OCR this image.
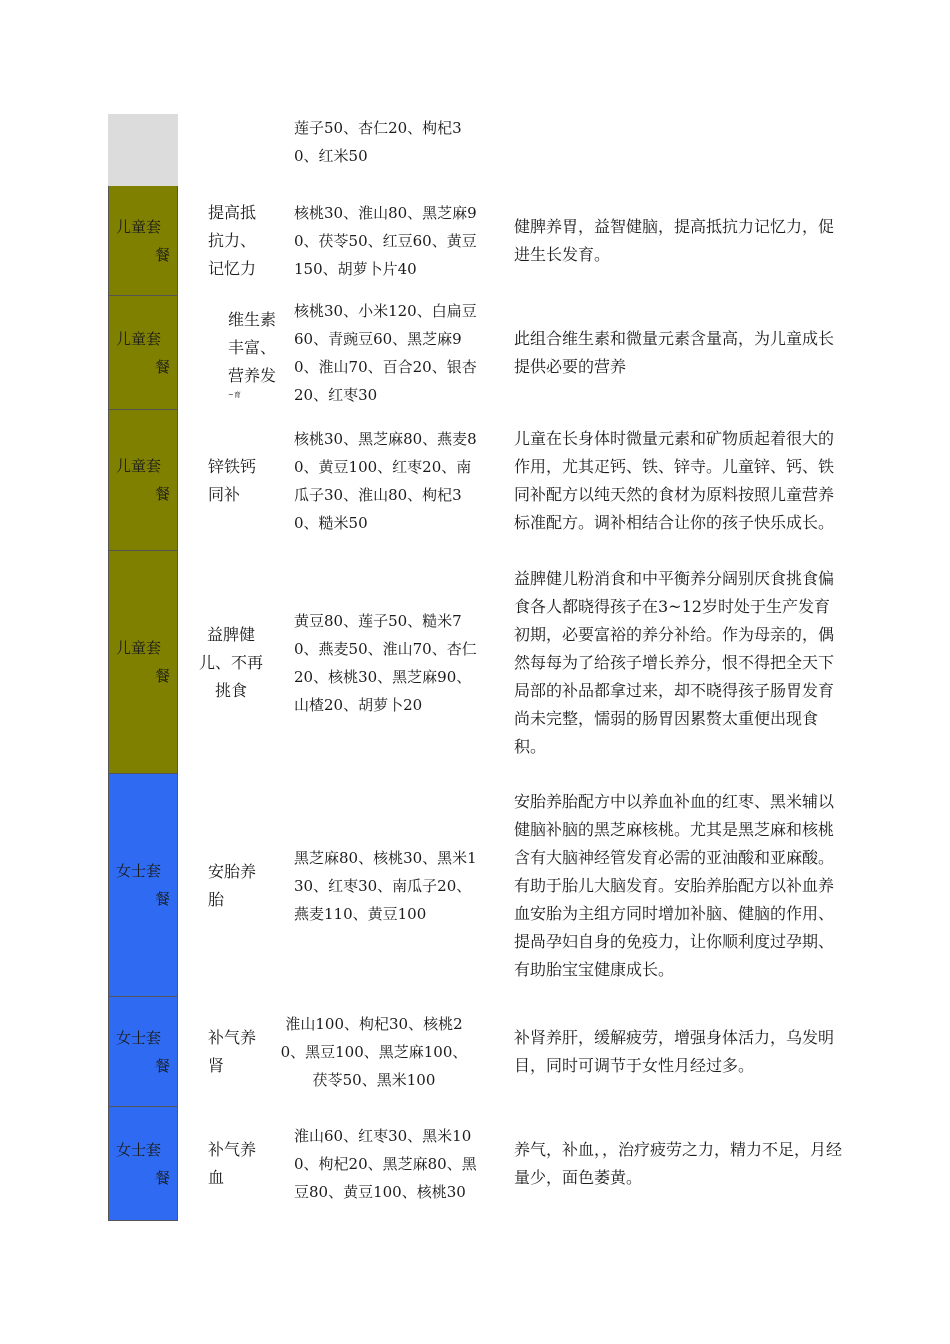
莲子50、杏仁20、枸杞30、红米50
儿童套
餐
提高抵抗力、记忆力
核桃30、淮山80、黑芝麻90、茯苓50、红豆60、黄豆150、胡萝卜片40
健脾养胃，益智健脑，提高抵抗力记忆力，促进生长发育。
儿童套
餐
维生素丰富、营养发
~育
核桃30、小米120、白扁豆60、青豌豆60、黑芝麻90、淮山70、百合20、银杏20、红枣30
此组合维生素和微量元素含量高，为儿童成长提供必要的营养
儿童套
餐
锌铁钙同补
核桃30、黑芝麻80、燕麦80、黄豆100、红枣20、南瓜子30、淮山80、枸杞30、糙米50
儿童在长身体时微量元素和矿物质起着很大的作用，尤其疋钙、铁、锌寺。儿童锌、钙、铁同补配方以纯天然的食材为原料按照儿童营养标准配方。调补相结合让你的孩子快乐成长。
儿童套
餐
益脾健儿、不再挑食
黄豆80、莲子50、糙米70、燕麦50、淮山70、杏仁20、核桃30、黑芝麻90、山楂20、胡萝卜20
益脾健儿粉消食和中平衡养分阔别厌食挑食偏食各人都晓得孩子在3~12岁时处于生产发育初期，必要富裕的养分补给。作为母亲的，偶然每每为了给孩子增长养分，恨不得把全天下局部的补品都拿过来，却不晓得孩子肠胃发育尚未完整，懦弱的肠胃因累赘太重便出现食积。
女士套
餐
安胎养胎
黑芝麻80、核桃30、黑米130、红枣30、南瓜子20、燕麦110、黄豆100
安胎养胎配方中以养血补血的红枣、黑米辅以健脑补脑的黑芝麻核桃。尤其是黑芝麻和核桃含有大脑神经管发育必需的亚油酸和亚麻酸。有助于胎儿大脑发育。安胎养胎配方以补血养血安胎为主组方同时增加补脑、健脑的作用、提咼孕妇自身的免疫力，让你顺利度过孕期、有助胎宝宝健康成长。
女士套
餐
补气养肾
淮山100、枸杞30、核桃20、黑豆100、黑芝麻100、茯苓50、黑米100
补肾养肝，缓解疲劳，增强身体活力，乌发明目，同时可调节于女性月经过多。
女士套
餐
补气养血
淮山60、红枣30、黑米100、枸杞20、黑芝麻80、黑豆80、黄豆100、核桃30
养气，补血，，治疗疲劳之力，精力不足，月经量少，面色萎黄。
